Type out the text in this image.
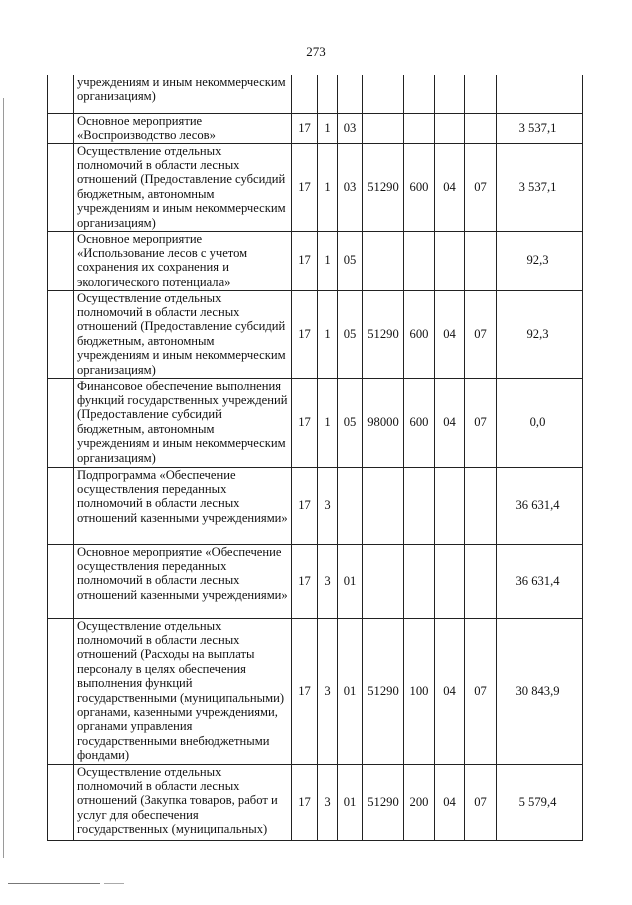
273
	учреждениям и иным некоммерческим организациям)								
	Основное мероприятие «Воспроизводство лесов»	17	1	03					3 537,1
	Осуществление отдельных полномочий в области лесных отношений (Предоставление субсидий бюджетным, автономным учреждениям и иным некоммерческим организациям)	17	1	03	51290	600	04	07	3 537,1
	Основное мероприятие «Использование лесов с учетом сохранения их сохранения и экологического потенциала»	17	1	05					92,3
	Осуществление отдельных полномочий в области лесных отношений (Предоставление субсидий бюджетным, автономным учреждениям и иным некоммерческим организациям)	17	1	05	51290	600	04	07	92,3
	Финансовое обеспечение выполнения функций государственных учреждений (Предоставление субсидий бюджетным, автономным учреждениям и иным некоммерческим организациям)	17	1	05	98000	600	04	07	0,0
	Подпрограмма «Обеспечение осуществления переданных полномочий в области лесных отношений казенными учреждениями»	17	3						36 631,4
	Основное мероприятие «Обеспечение осуществления переданных полномочий в области лесных отношений казенными учреждениями»	17	3	01					36 631,4
	Осуществление отдельных полномочий в области лесных отношений (Расходы на выплаты персоналу в целях обеспечения выполнения функций государственными (муниципальными) органами, казенными учреждениями, органами управления государственными внебюджетными фондами)	17	3	01	51290	100	04	07	30 843,9
	Осуществление отдельных полномочий в области лесных отношений (Закупка товаров, работ и услуг для обеспечения государственных (муниципальных)	17	3	01	51290	200	04	07	5 579,4
